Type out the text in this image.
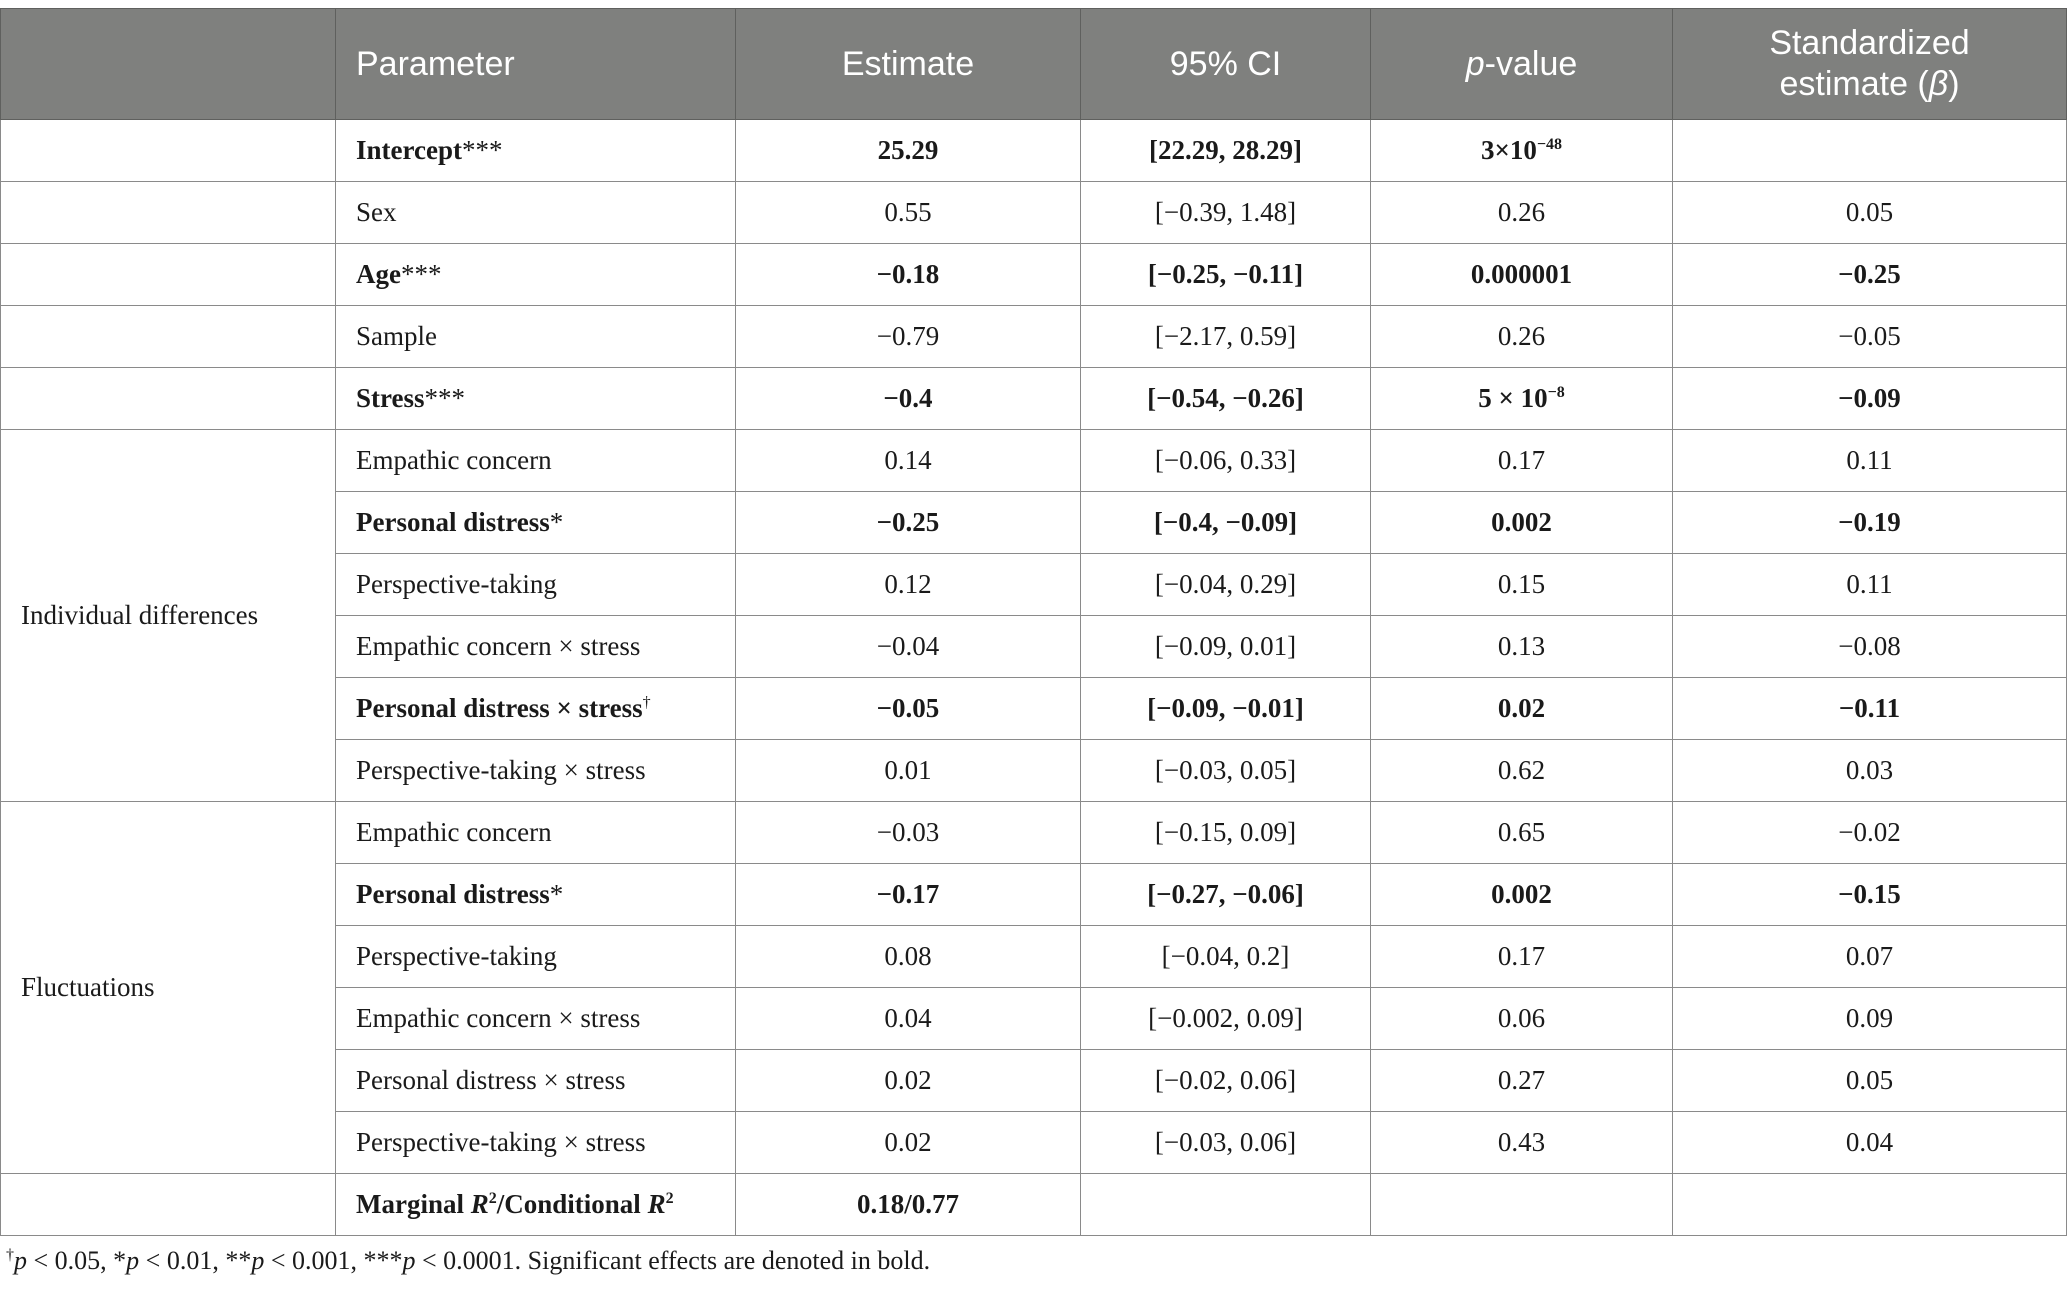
	Parameter	Estimate	95% CI	p-value	Standardized
estimate (β)
	Intercept***	25.29	[22.29, 28.29]	$3\times 10^{-48}$	
	Sex	0.55	[−0.39, 1.48]	0.26	0.05
	Age***	−0.18	[−0.25, −0.11]	0.000001	−0.25
	Sample	−0.79	[−2.17, 0.59]	0.26	−0.05
	Stress***	−0.4	[−0.54, −0.26]	$5 \times 10^{-8}$	−0.09
Individual differences	Empathic concern	0.14	[−0.06, 0.33]	0.17	0.11
	Personal distress*	−0.25	[−0.4, −0.09]	0.002	−0.19
	Perspective-taking	0.12	[−0.04, 0.29]	0.15	0.11
	Empathic concern × stress	−0.04	[−0.09, 0.01]	0.13	−0.08
	Personal distress × stress†	−0.05	[−0.09, −0.01]	0.02	−0.11
	Perspective-taking × stress	0.01	[−0.03, 0.05]	0.62	0.03
Fluctuations	Empathic concern	−0.03	[−0.15, 0.09]	0.65	−0.02
	Personal distress*	−0.17	[−0.27, −0.06]	0.002	−0.15
	Perspective-taking	0.08	[−0.04, 0.2]	0.17	0.07
	Empathic concern × stress	0.04	[−0.002, 0.09]	0.06	0.09
	Personal distress × stress	0.02	[−0.02, 0.06]	0.27	0.05
	Perspective-taking × stress	0.02	[−0.03, 0.06]	0.43	0.04
	Marginal $R^2$/Conditional $R^2$	0.18/0.77			
†p < 0.05, *p < 0.01, **p < 0.001, ***p < 0.0001. Significant effects are denoted in bold.
